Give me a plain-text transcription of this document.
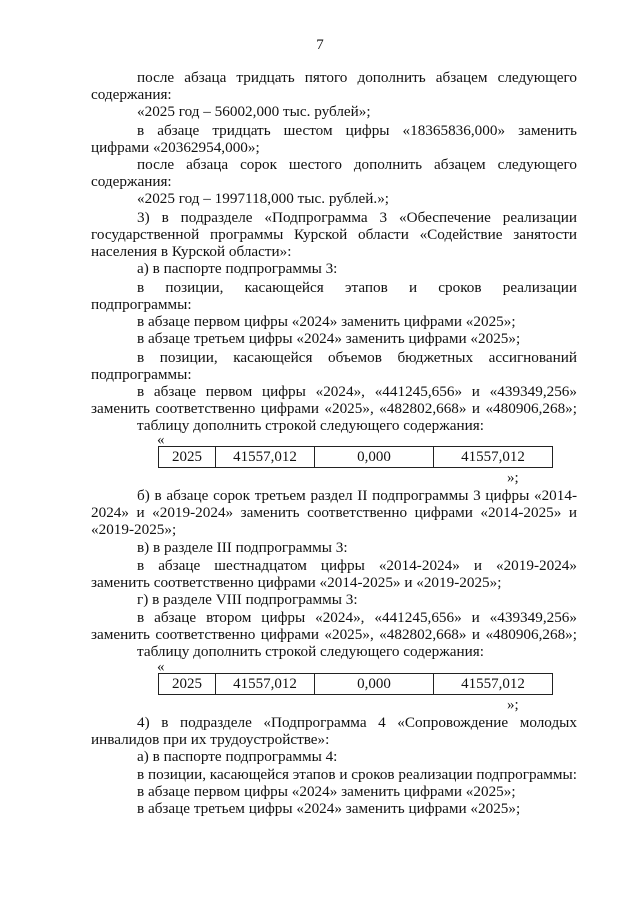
7
после абзаца тридцать пятого дополнить абзацем следующего
содержания:
«2025 год – 56002,000 тыс. рублей»;
в абзаце тридцать шестом цифры «18365836,000» заменить
цифрами «20362954,000»;
после абзаца сорок шестого дополнить абзацем следующего
содержания:
«2025 год – 1997118,000 тыс. рублей.»;
3) в подразделе «Подпрограмма 3 «Обеспечение реализации
государственной программы Курской области «Содействие занятости
населения в Курской области»:
а) в паспорте подпрограммы 3:
в позиции, касающейся этапов и сроков реализации
подпрограммы:
в абзаце первом цифры «2024» заменить цифрами «2025»;
в абзаце третьем цифры «2024» заменить цифрами «2025»;
в позиции, касающейся объемов бюджетных ассигнований
подпрограммы:
в абзаце первом цифры «2024», «441245,656» и «439349,256»
заменить соответственно цифрами «2025», «482802,668» и «480906,268»;
таблицу дополнить строкой следующего содержания:
«
2025	41557,012	0,000	41557,012
»;
б) в абзаце сорок третьем раздел II подпрограммы 3 цифры «2014-
2024» и «2019-2024» заменить соответственно цифрами «2014-2025» и
«2019-2025»;
в) в разделе III подпрограммы 3:
в абзаце шестнадцатом цифры «2014-2024» и «2019-2024»
заменить соответственно цифрами «2014-2025» и «2019-2025»;
г) в разделе VIII подпрограммы 3:
в абзаце втором цифры «2024», «441245,656» и «439349,256»
заменить соответственно цифрами «2025», «482802,668» и «480906,268»;
таблицу дополнить строкой следующего содержания:
«
2025	41557,012	0,000	41557,012
»;
4) в подразделе «Подпрограмма 4 «Сопровождение молодых
инвалидов при их трудоустройстве»:
а) в паспорте подпрограммы 4:
в позиции, касающейся этапов и сроков реализации подпрограммы:
в абзаце первом цифры «2024» заменить цифрами «2025»;
в абзаце третьем цифры «2024» заменить цифрами «2025»;
